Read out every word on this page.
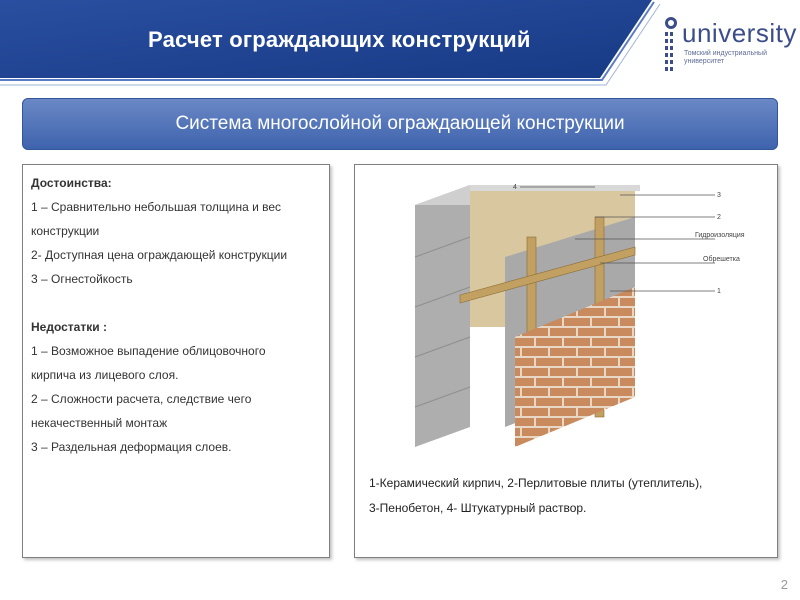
Расчет ограждающих конструкций	university
Томский индустриальный университет
Система многослойной ограждающей конструкции
Достоинства:
1 – Сравнительно небольшая толщина и вес
конструкции
2- Доступная цена ограждающей конструкции
3 – Огнестойкость
Недостатки :
1 – Возможное выпадение облицовочного
кирпича из лицевого слоя.
2 – Сложности расчета, следствие чего
некачественный монтаж
3 – Раздельная деформация слоев.
4
3
2
Гидроизоляция
Обрешетка
1
1-Керамический кирпич, 2-Перлитовые плиты (утеплитель),
3-Пенобетон, 4- Штукатурный раствор.
2
